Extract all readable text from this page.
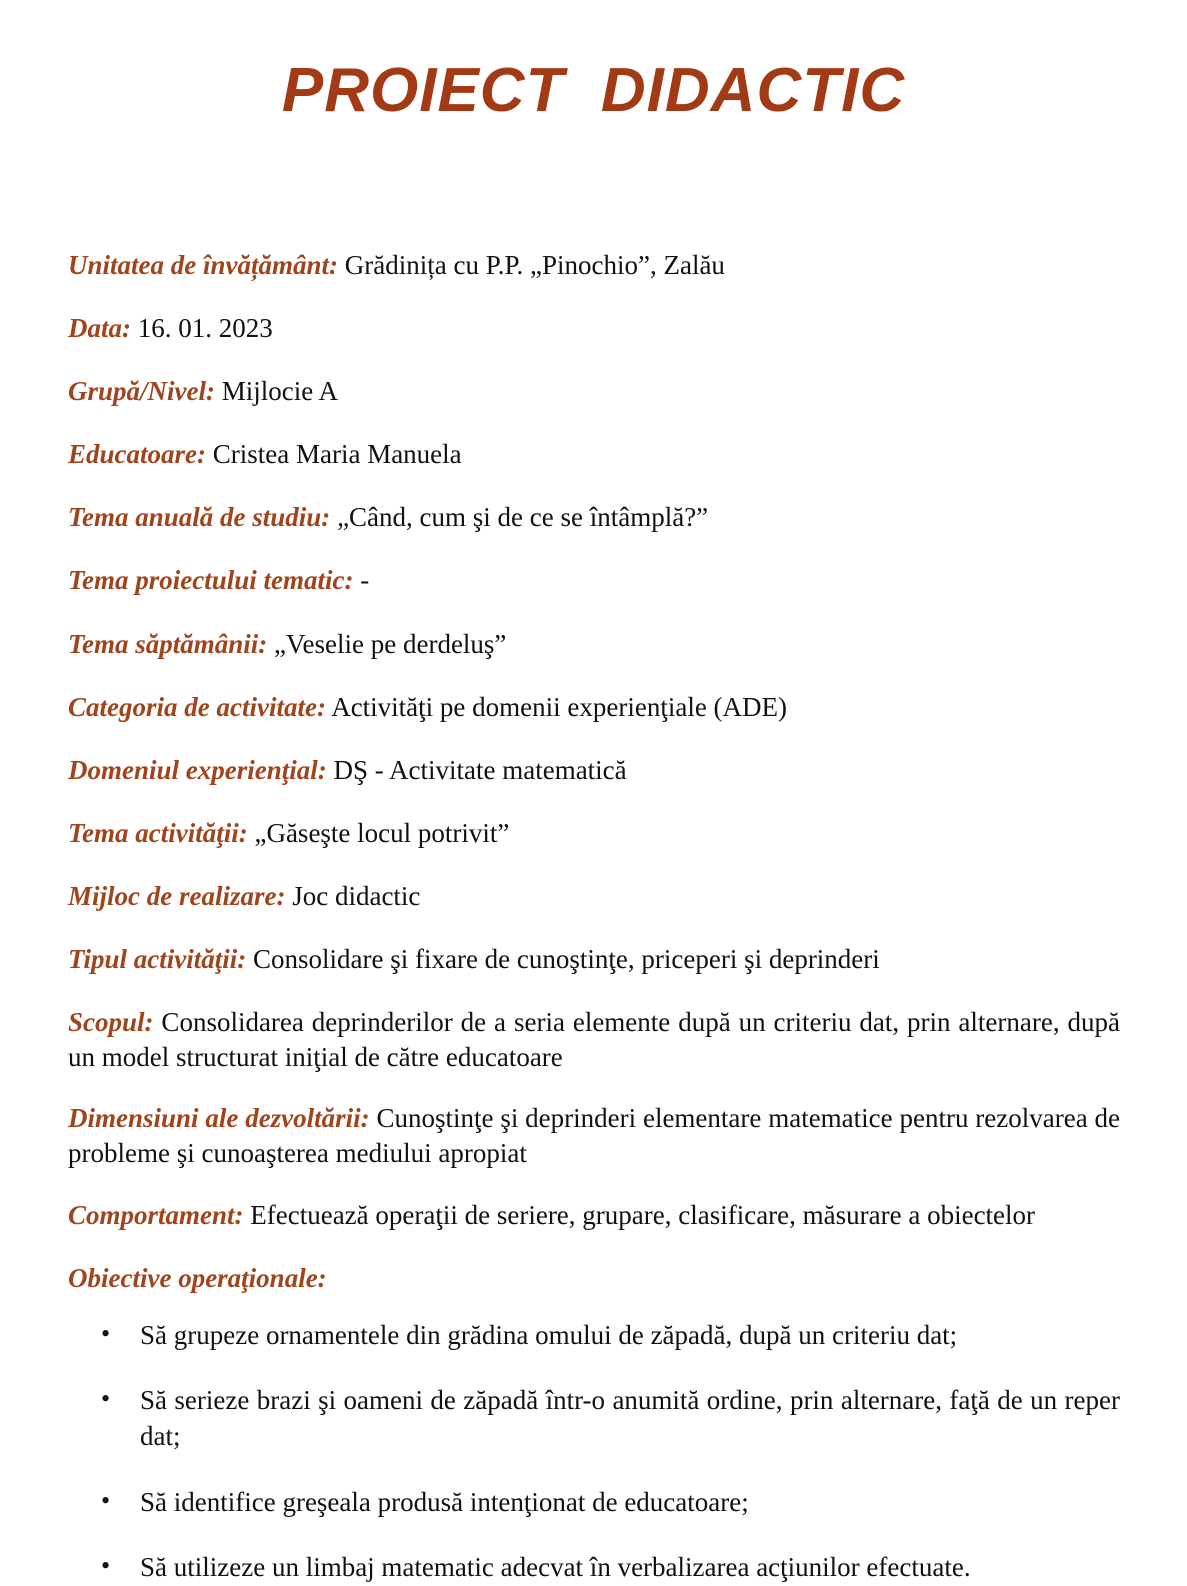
PROIECT  DIDACTIC

Unitatea de învățământ: Grădinița cu P.P. „Pinochio”, Zalău

Data: 16. 01. 2023

Grupă/Nivel: Mijlocie A

Educatoare: Cristea Maria Manuela

Tema anuală de studiu: „Când, cum şi de ce se întâmplă?”

Tema proiectului tematic: -

Tema săptămânii: „Veselie pe derdeluş”

Categoria de activitate: Activităţi pe domenii experienţiale (ADE)

Domeniul experienţial: DŞ - Activitate matematică

Tema activităţii: „Găseşte locul potrivit”

Mijloc de realizare: Joc didactic

Tipul activităţii: Consolidare şi fixare de cunoştinţe, priceperi şi deprinderi

Scopul: Consolidarea deprinderilor de a seria elemente după un criteriu dat, prin alternare, după un model structurat iniţial de către educatoare

Dimensiuni ale dezvoltării: Cunoştinţe şi deprinderi elementare matematice pentru rezolvarea de probleme şi cunoaşterea mediului apropiat

Comportament: Efectuează operaţii de seriere, grupare, clasificare, măsurare a obiectelor

Obiective operaţionale:

• Să grupeze ornamentele din grădina omului de zăpadă, după un criteriu dat;
• Să serieze brazi şi oameni de zăpadă într-o anumită ordine, prin alternare, faţă de un reper dat;
• Să identifice greşeala produsă intenţionat de educatoare;
• Să utilizeze un limbaj matematic adecvat în verbalizarea acţiunilor efectuate.
